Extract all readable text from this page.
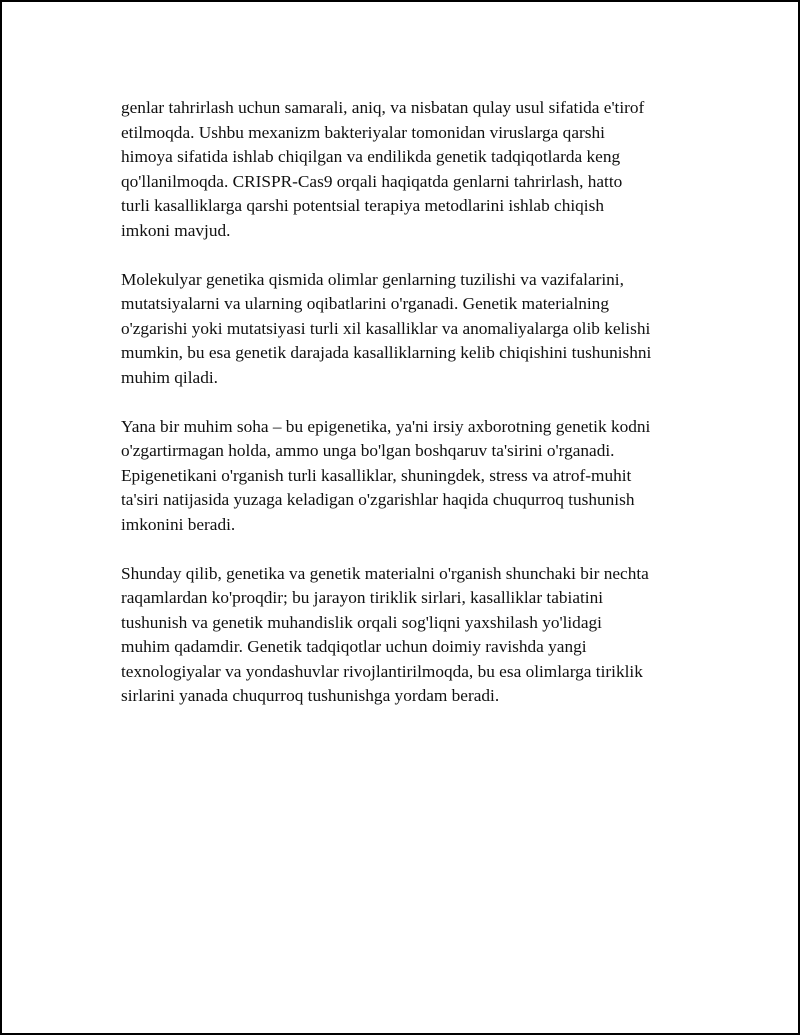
genlar tahrirlash uchun samarali, aniq, va nisbatan qulay usul sifatida e'tirof
etilmoqda. Ushbu mexanizm bakteriyalar tomonidan viruslarga qarshi
himoya sifatida ishlab chiqilgan va endilikda genetik tadqiqotlarda keng
qo'llanilmoqda. CRISPR-Cas9 orqali haqiqatda genlarni tahrirlash, hatto
turli kasalliklarga qarshi potentsial terapiya metodlarini ishlab chiqish
imkoni mavjud.

Molekulyar genetika qismida olimlar genlarning tuzilishi va vazifalarini,
mutatsiyalarni va ularning oqibatlarini o'rganadi. Genetik materialning
o'zgarishi yoki mutatsiyasi turli xil kasalliklar va anomaliyalarga olib kelishi
mumkin, bu esa genetik darajada kasalliklarning kelib chiqishini tushunishni
muhim qiladi.

Yana bir muhim soha – bu epigenetika, ya'ni irsiy axborotning genetik kodni
o'zgartirmagan holda, ammo unga bo'lgan boshqaruv ta'sirini o'rganadi.
Epigenetikani o'rganish turli kasalliklar, shuningdek, stress va atrof-muhit
ta'siri natijasida yuzaga keladigan o'zgarishlar haqida chuqurroq tushunish
imkonini beradi.

Shunday qilib, genetika va genetik materialni o'rganish shunchaki bir nechta
raqamlardan ko'proqdir; bu jarayon tiriklik sirlari, kasalliklar tabiatini
tushunish va genetik muhandislik orqali sog'liqni yaxshilash yo'lidagi
muhim qadamdir. Genetik tadqiqotlar uchun doimiy ravishda yangi
texnologiyalar va yondashuvlar rivojlantirilmoqda, bu esa olimlarga tiriklik
sirlarini yanada chuqurroq tushunishga yordam beradi.
